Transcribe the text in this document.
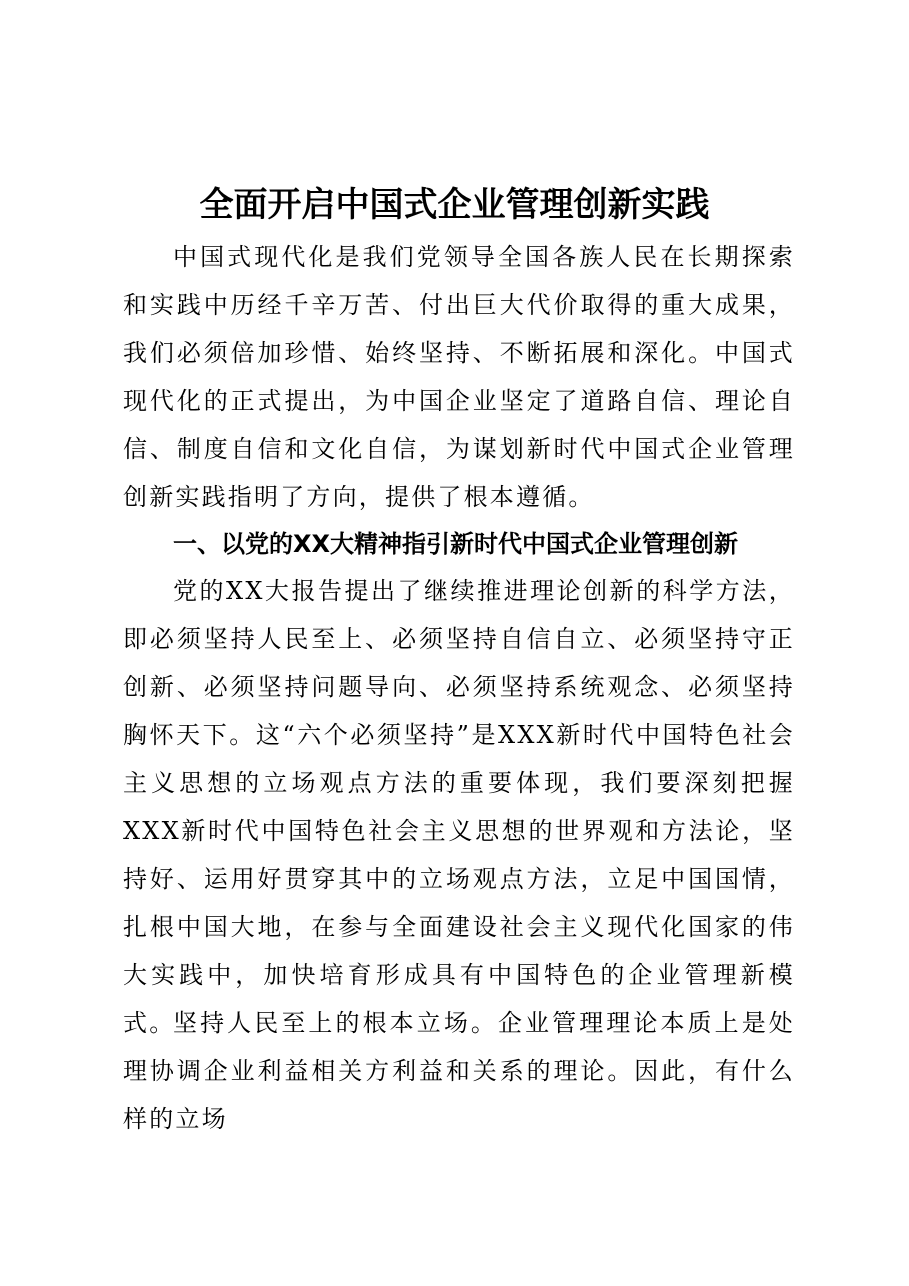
全面开启中国式企业管理创新实践

中国式现代化是我们党领导全国各族人民在长期探索和实践中历经千辛万苦、付出巨大代价取得的重大成果，我们必须倍加珍惜、始终坚持、不断拓展和深化。中国式现代化的正式提出，为中国企业坚定了道路自信、理论自信、制度自信和文化自信，为谋划新时代中国式企业管理创新实践指明了方向，提供了根本遵循。

一、以党的XX大精神指引新时代中国式企业管理创新

党的XX大报告提出了继续推进理论创新的科学方法，即必须坚持人民至上、必须坚持自信自立、必须坚持守正创新、必须坚持问题导向、必须坚持系统观念、必须坚持胸怀天下。这“六个必须坚持”是XXX新时代中国特色社会主义思想的立场观点方法的重要体现，我们要深刻把握XXX新时代中国特色社会主义思想的世界观和方法论，坚持好、运用好贯穿其中的立场观点方法，立足中国国情，扎根中国大地，在参与全面建设社会主义现代化国家的伟大实践中，加快培育形成具有中国特色的企业管理新模式。

坚持人民至上的根本立场。企业管理理论本质上是处理协调企业利益相关方利益和关系的理论。因此，有什么样的立场
